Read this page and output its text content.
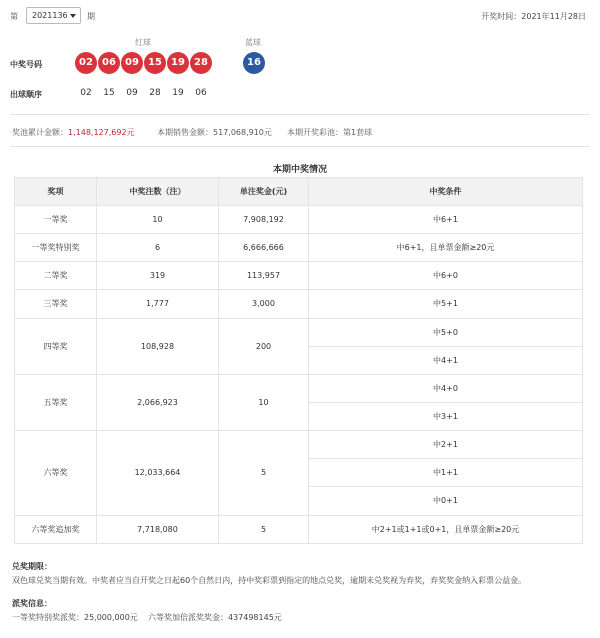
第	2021136	期	开奖时间：2021年11月28日
红球	蓝球
中奖号码	02 06 09 15 19 28	16
出球顺序	02	15	09	28	19	06
奖池累计金额：1,148,127,692元	本期销售金额：517,068,910元 本期开奖彩池：第1套球
本期中奖情况
奖项	中奖注数（注）	单注奖金(元)	中奖条件
一等奖	10	7,908,192	中6+1
一等奖特别奖	6	6,666,666	中6+1，且单票金额≥20元
二等奖	319	113,957	中6+0
三等奖	1,777	3,000	中5+1
四等奖	108,928	200	中5+0
			中4+1
五等奖	2,066,923	10	中4+0
			中3+1
六等奖	12,033,664	5	中2+1
			中1+1
			中0+1
六等奖追加奖	7,718,080	5	中2+1或1+1或0+1，且单票金额≥20元
兑奖期限：
双色球兑奖当期有效。中奖者应当自开奖之日起60个自然日内，持中奖彩票到指定的地点兑奖，逾期未兑奖视为弃奖，弃奖奖金纳入彩票公益金。
派奖信息：
一等奖特别奖派奖：25,000,000元    六等奖加倍派奖奖金：437498145元
